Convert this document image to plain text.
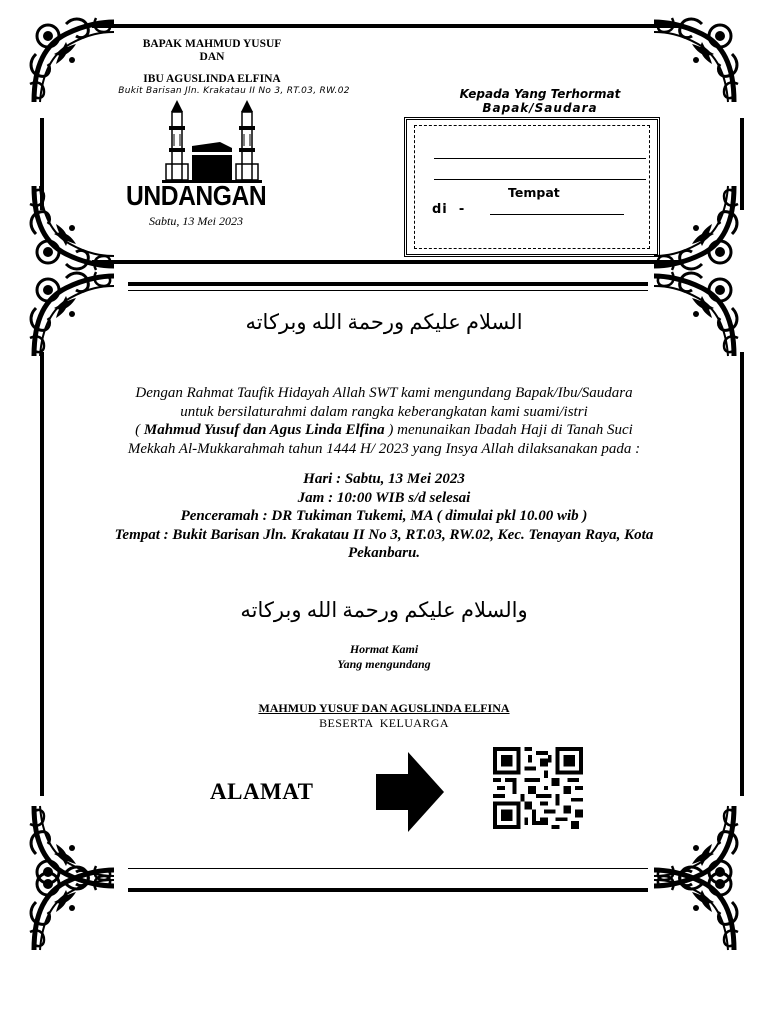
BAPAK MAHMUD YUSUF
DAN
IBU AGUSLINDA ELFINA
Bukit Barisan Jln. Krakatau II No 3, RT.03, RW.02
UNDANGAN
Sabtu, 13 Mei 2023
Kepada Yang Terhormat
Bapak/Saudara
Tempat
di  -
السلام عليكم ورحمة الله وبركاته
Dengan Rahmat Taufik Hidayah Allah SWT kami mengundang Bapak/Ibu/Saudara
untuk bersilaturahmi dalam rangka keberangkatan kami suami/istri
( Mahmud Yusuf dan Agus Linda Elfina ) menunaikan Ibadah Haji di Tanah Suci
Mekkah Al-Mukkarahmah tahun 1444 H/ 2023 yang Insya Allah dilaksanakan pada :
Hari : Sabtu, 13 Mei 2023
Jam : 10:00 WIB s/d selesai
Penceramah : DR Tukiman Tukemi, MA ( dimulai pkl 10.00 wib )
Tempat : Bukit Barisan Jln. Krakatau II No 3, RT.03, RW.02, Kec. Tenayan Raya, Kota Pekanbaru.
والسلام عليكم ورحمة الله وبركاته
Hormat Kami
Yang mengundang
MAHMUD YUSUF DAN AGUSLINDA ELFINA
BESERTA  KELUARGA
ALAMAT
